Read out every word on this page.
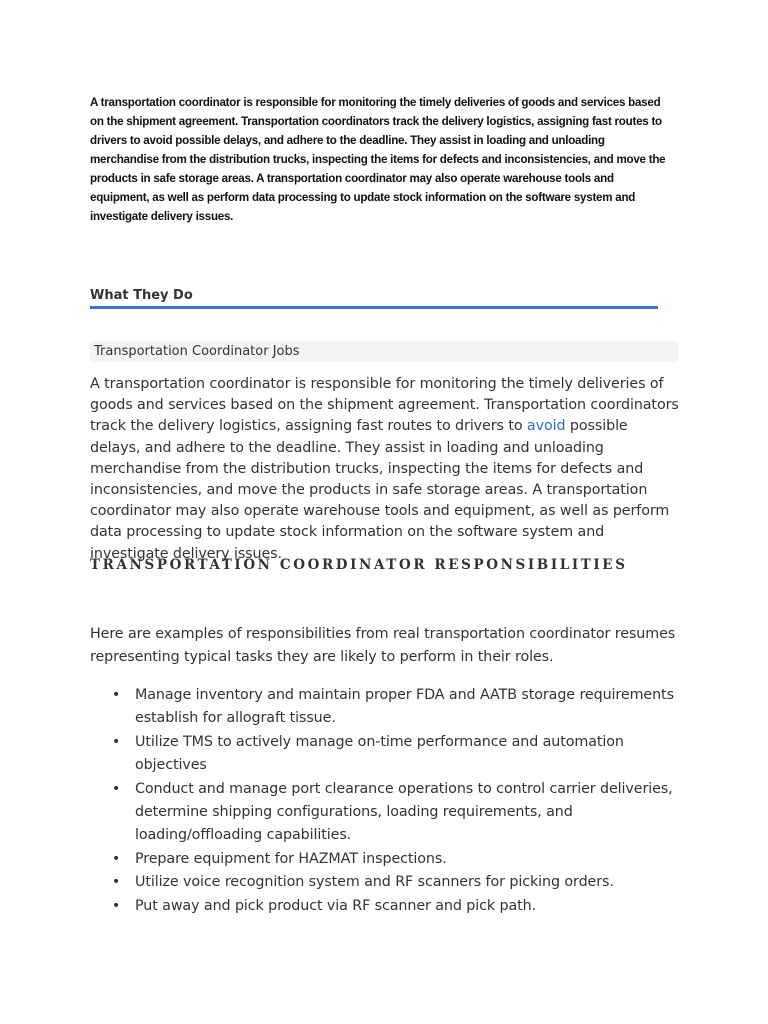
A transportation coordinator is responsible for monitoring the timely deliveries of goods and services based on the shipment agreement. Transportation coordinators track the delivery logistics, assigning fast routes to drivers to avoid possible delays, and adhere to the deadline. They assist in loading and unloading merchandise from the distribution trucks, inspecting the items for defects and inconsistencies, and move the products in safe storage areas. A transportation coordinator may also operate warehouse tools and equipment, as well as perform data processing to update stock information on the software system and investigate delivery issues.

What They Do
Transportation Coordinator Jobs

A transportation coordinator is responsible for monitoring the timely deliveries of goods and services based on the shipment agreement. Transportation coordinators track the delivery logistics, assigning fast routes to drivers to avoid possible delays, and adhere to the deadline. They assist in loading and unloading merchandise from the distribution trucks, inspecting the items for defects and inconsistencies, and move the products in safe storage areas. A transportation coordinator may also operate warehouse tools and equipment, as well as perform data processing to update stock information on the software system and investigate delivery issues.

TRANSPORTATION COORDINATOR RESPONSIBILITIES

Here are examples of responsibilities from real transportation coordinator resumes representing typical tasks they are likely to perform in their roles.

• Manage inventory and maintain proper FDA and AATB storage requirements establish for allograft tissue.
• Utilize TMS to actively manage on-time performance and automation objectives
• Conduct and manage port clearance operations to control carrier deliveries, determine shipping configurations, loading requirements, and loading/offloading capabilities.
• Prepare equipment for HAZMAT inspections.
• Utilize voice recognition system and RF scanners for picking orders.
• Put away and pick product via RF scanner and pick path.
